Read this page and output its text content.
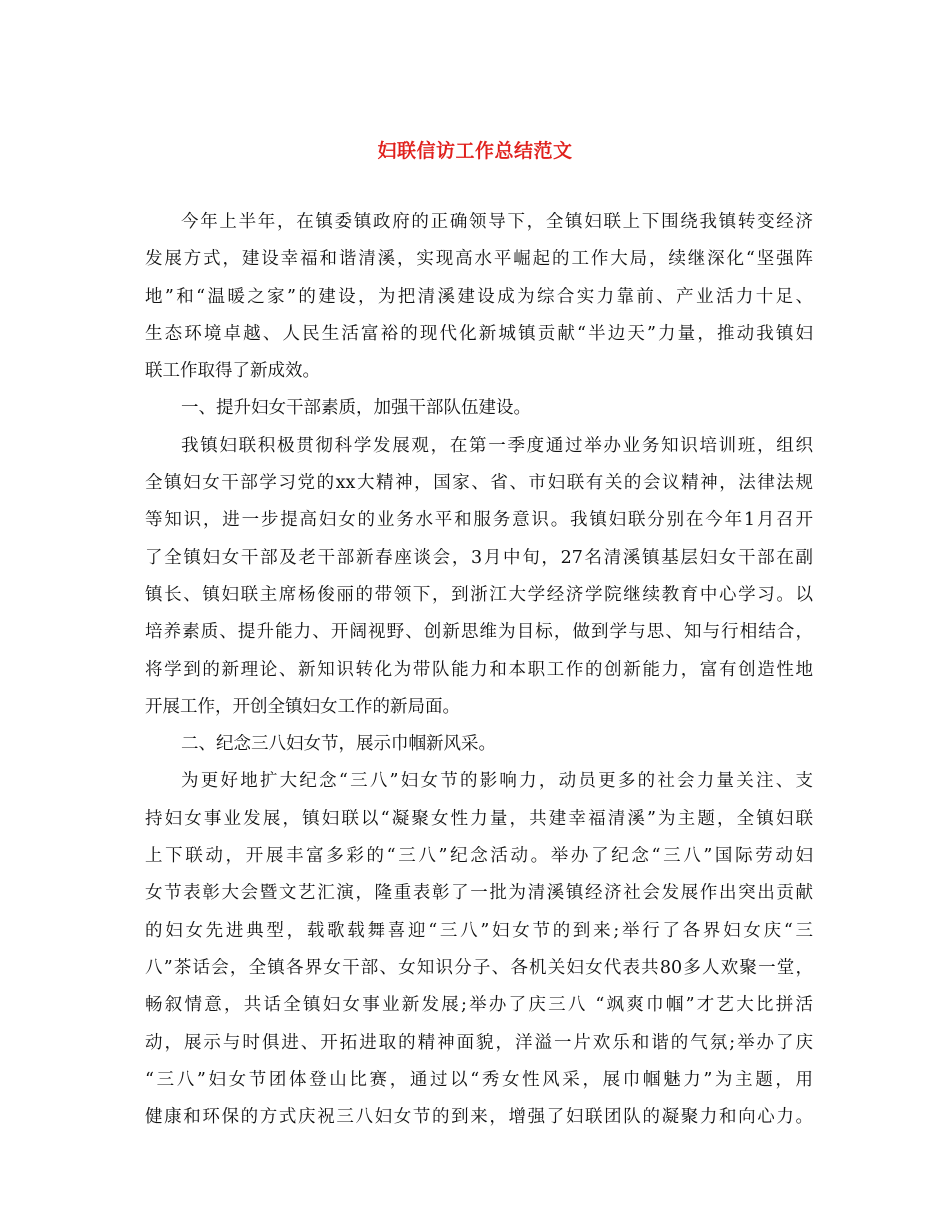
妇联信访工作总结范文
今年上半年，在镇委镇政府的正确领导下，全镇妇联上下围绕我镇转变经济
发展方式，建设幸福和谐清溪，实现高水平崛起的工作大局，续继深化“坚强阵
地”和“温暖之家”的建设，为把清溪建设成为综合实力靠前、产业活力十足、
生态环境卓越、人民生活富裕的现代化新城镇贡献“半边天”力量，推动我镇妇
联工作取得了新成效。
一、提升妇女干部素质，加强干部队伍建设。
我镇妇联积极贯彻科学发展观，在第一季度通过举办业务知识培训班，组织
全镇妇女干部学习党的xx大精神，国家、省、市妇联有关的会议精神，法律法规
等知识，进一步提高妇女的业务水平和服务意识。我镇妇联分别在今年1月召开
了全镇妇女干部及老干部新春座谈会，3月中旬，27名清溪镇基层妇女干部在副
镇长、镇妇联主席杨俊丽的带领下，到浙江大学经济学院继续教育中心学习。以
培养素质、提升能力、开阔视野、创新思维为目标，做到学与思、知与行相结合，
将学到的新理论、新知识转化为带队能力和本职工作的创新能力，富有创造性地
开展工作，开创全镇妇女工作的新局面。
二、纪念三八妇女节，展示巾帼新风采。
为更好地扩大纪念“三八”妇女节的影响力，动员更多的社会力量关注、支
持妇女事业发展，镇妇联以“凝聚女性力量，共建幸福清溪”为主题，全镇妇联
上下联动，开展丰富多彩的“三八”纪念活动。举办了纪念“三八”国际劳动妇
女节表彰大会暨文艺汇演，隆重表彰了一批为清溪镇经济社会发展作出突出贡献
的妇女先进典型，载歌载舞喜迎“三八”妇女节的到来;举行了各界妇女庆“三
八”茶话会，全镇各界女干部、女知识分子、各机关妇女代表共80多人欢聚一堂，
畅叙情意，共话全镇妇女事业新发展;举办了庆三八 “飒爽巾帼”才艺大比拼活
动，展示与时俱进、开拓进取的精神面貌，洋溢一片欢乐和谐的气氛;举办了庆
“三八”妇女节团体登山比赛，通过以“秀女性风采，展巾帼魅力”为主题，用
健康和环保的方式庆祝三八妇女节的到来，增强了妇联团队的凝聚力和向心力。
